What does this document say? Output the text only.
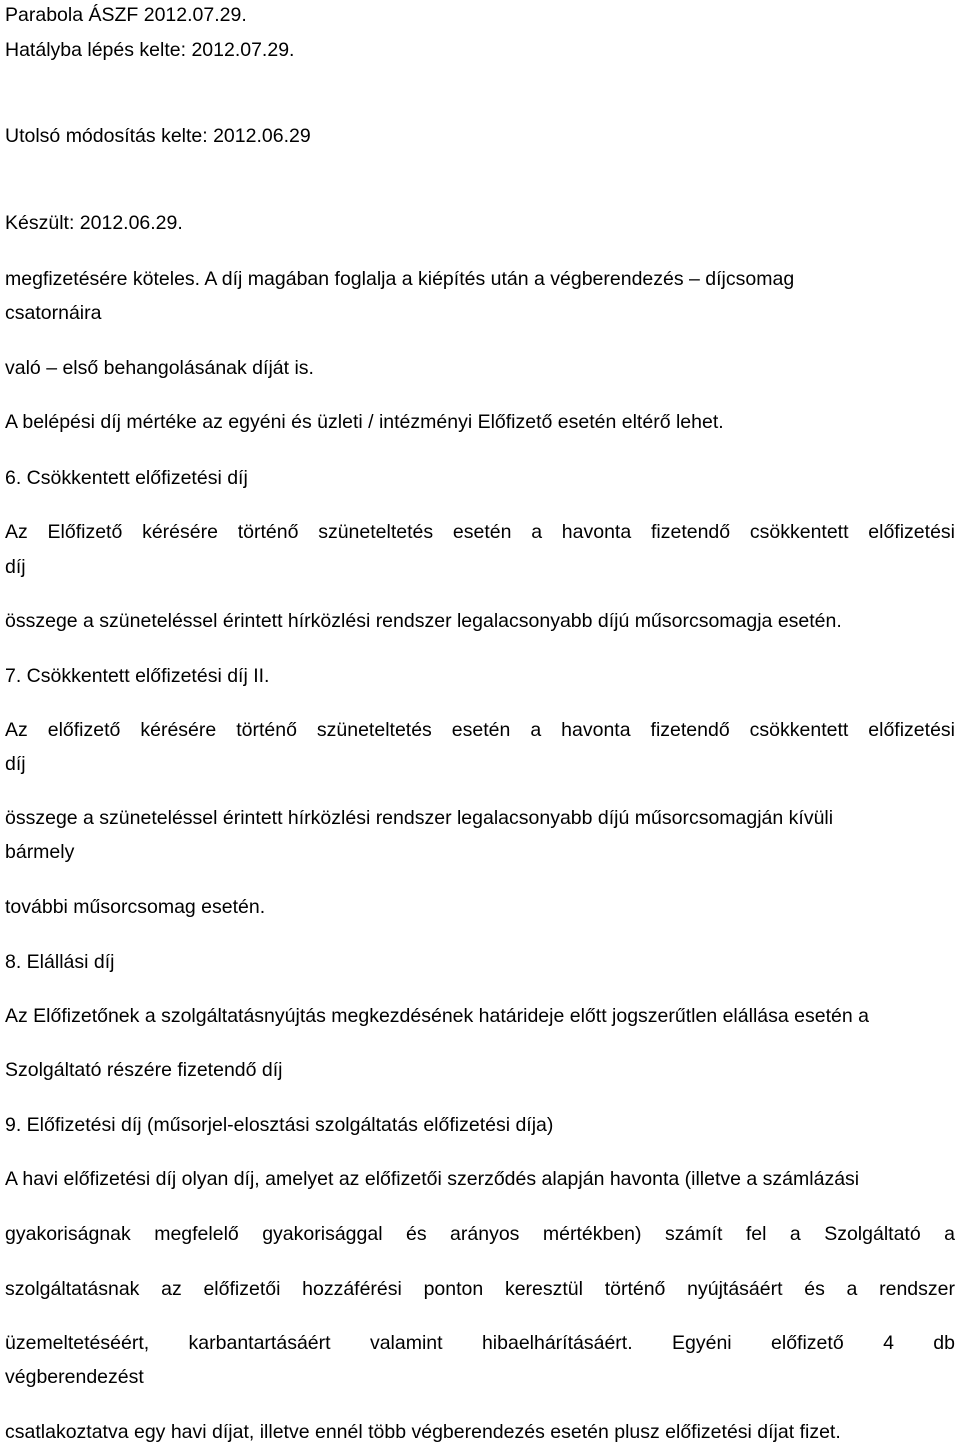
Parabola ÁSZF 2012.07.29.
Hatályba lépés kelte: 2012.07.29.
Utolsó módosítás kelte: 2012.06.29
Készült: 2012.06.29.
megfizetésére köteles. A díj magában foglalja a kiépítés után a végberendezés – díjcsomag
csatornáira
való – első behangolásának díját is.
A belépési díj mértéke az egyéni és üzleti / intézményi Előfizető esetén eltérő lehet.
6. Csökkentett előfizetési díj
Az Előfizető kérésére történő szüneteltetés esetén a havonta fizetendő csökkentett előfizetési
díj
összege a szüneteléssel érintett hírközlési rendszer legalacsonyabb díjú műsorcsomagja esetén.
7. Csökkentett előfizetési díj II.
Az előfizető kérésére történő szüneteltetés esetén a havonta fizetendő csökkentett előfizetési
díj
összege a szüneteléssel érintett hírközlési rendszer legalacsonyabb díjú műsorcsomagján kívüli
bármely
további műsorcsomag esetén.
8. Elállási díj
Az Előfizetőnek a szolgáltatásnyújtás megkezdésének határideje előtt jogszerűtlen elállása esetén a
Szolgáltató részére fizetendő díj
9. Előfizetési díj (műsorjel-elosztási szolgáltatás előfizetési díja)
A havi előfizetési díj olyan díj, amelyet az előfizetői szerződés alapján havonta (illetve a számlázási
gyakoriságnak megfelelő gyakorisággal és arányos mértékben) számít fel a Szolgáltató a
szolgáltatásnak az előfizetői hozzáférési ponton keresztül történő nyújtásáért és a rendszer
üzemeltetéséért, karbantartásáért valamint hibaelhárításáért. Egyéni előfizető 4 db
végberendezést
csatlakoztatva egy havi díjat, illetve ennél több végberendezés esetén plusz előfizetési díjat fizet.
